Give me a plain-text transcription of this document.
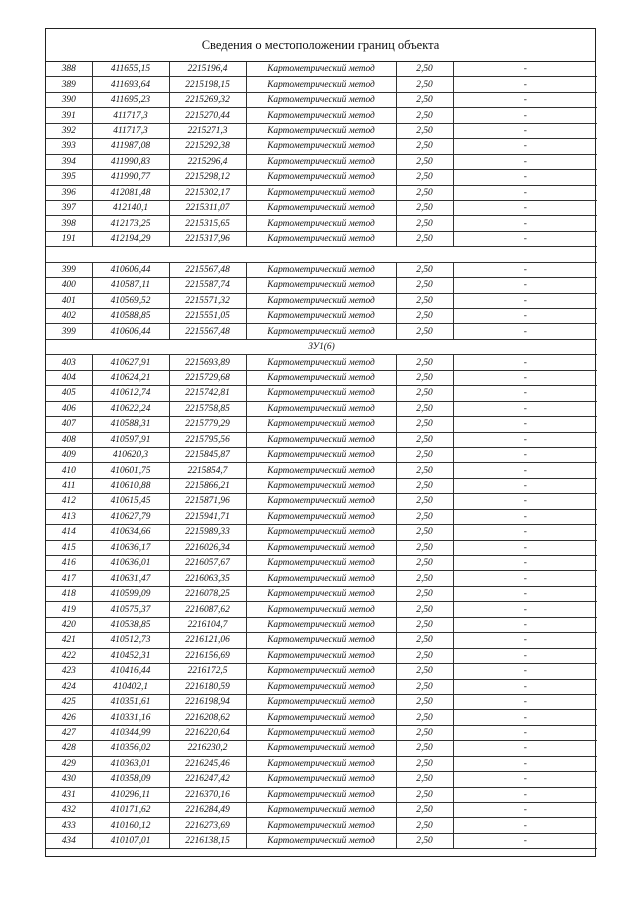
Сведения о местоположении границ объекта
388	411655,15	2215196,4	Картометрический метод	2,50	-
389	411693,64	2215198,15	Картометрический метод	2,50	-
390	411695,23	2215269,32	Картометрический метод	2,50	-
391	411717,3	2215270,44	Картометрический метод	2,50	-
392	411717,3	2215271,3	Картометрический метод	2,50	-
393	411987,08	2215292,38	Картометрический метод	2,50	-
394	411990,83	2215296,4	Картометрический метод	2,50	-
395	411990,77	2215298,12	Картометрический метод	2,50	-
396	412081,48	2215302,17	Картометрический метод	2,50	-
397	412140,1	2215311,07	Картометрический метод	2,50	-
398	412173,25	2215315,65	Картометрический метод	2,50	-
191	412194,29	2215317,96	Картометрический метод	2,50	-

399	410606,44	2215567,48	Картометрический метод	2,50	-
400	410587,11	2215587,74	Картометрический метод	2,50	-
401	410569,52	2215571,32	Картометрический метод	2,50	-
402	410588,85	2215551,05	Картометрический метод	2,50	-
399	410606,44	2215567,48	Картометрический метод	2,50	-
ЗУ1(6)					
403	410627,91	2215693,89	Картометрический метод	2,50	-
404	410624,21	2215729,68	Картометрический метод	2,50	-
405	410612,74	2215742,81	Картометрический метод	2,50	-
406	410622,24	2215758,85	Картометрический метод	2,50	-
407	410588,31	2215779,29	Картометрический метод	2,50	-
408	410597,91	2215795,56	Картометрический метод	2,50	-
409	410620,3	2215845,87	Картометрический метод	2,50	-
410	410601,75	2215854,7	Картометрический метод	2,50	-
411	410610,88	2215866,21	Картометрический метод	2,50	-
412	410615,45	2215871,96	Картометрический метод	2,50	-
413	410627,79	2215941,71	Картометрический метод	2,50	-
414	410634,66	2215989,33	Картометрический метод	2,50	-
415	410636,17	2216026,34	Картометрический метод	2,50	-
416	410636,01	2216057,67	Картометрический метод	2,50	-
417	410631,47	2216063,35	Картометрический метод	2,50	-
418	410599,09	2216078,25	Картометрический метод	2,50	-
419	410575,37	2216087,62	Картометрический метод	2,50	-
420	410538,85	2216104,7	Картометрический метод	2,50	-
421	410512,73	2216121,06	Картометрический метод	2,50	-
422	410452,31	2216156,69	Картометрический метод	2,50	-
423	410416,44	2216172,5	Картометрический метод	2,50	-
424	410402,1	2216180,59	Картометрический метод	2,50	-
425	410351,61	2216198,94	Картометрический метод	2,50	-
426	410331,16	2216208,62	Картометрический метод	2,50	-
427	410344,99	2216220,64	Картометрический метод	2,50	-
428	410356,02	2216230,2	Картометрический метод	2,50	-
429	410363,01	2216245,46	Картометрический метод	2,50	-
430	410358,09	2216247,42	Картометрический метод	2,50	-
431	410296,11	2216370,16	Картометрический метод	2,50	-
432	410171,62	2216284,49	Картометрический метод	2,50	-
433	410160,12	2216273,69	Картометрический метод	2,50	-
434	410107,01	2216138,15	Картометрический метод	2,50	-
